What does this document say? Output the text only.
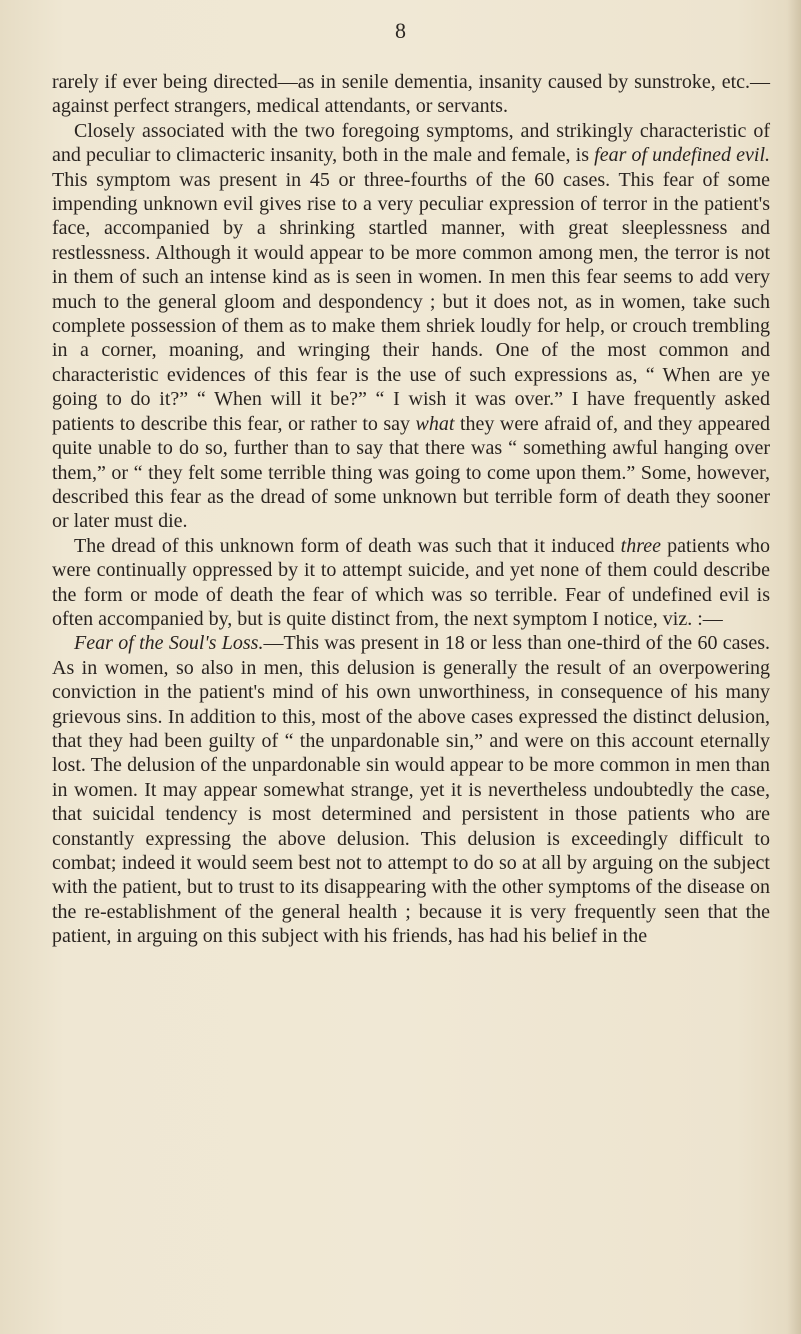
8

rarely if ever being directed—as in senile dementia, insanity caused by sunstroke, etc.—against perfect strangers, medical attendants, or servants.

Closely associated with the two foregoing symptoms, and strikingly characteristic of and peculiar to climacteric insanity, both in the male and female, is fear of undefined evil. This symptom was present in 45 or three-fourths of the 60 cases. This fear of some impending unknown evil gives rise to a very peculiar expression of terror in the patient's face, accompanied by a shrinking startled manner, with great sleeplessness and restlessness. Although it would appear to be more common among men, the terror is not in them of such an intense kind as is seen in women. In men this fear seems to add very much to the general gloom and despondency ; but it does not, as in women, take such complete possession of them as to make them shriek loudly for help, or crouch trembling in a corner, moaning, and wringing their hands. One of the most common and characteristic evidences of this fear is the use of such expressions as, “ When are ye going to do it?” “ When will it be?” “ I wish it was over.” I have frequently asked patients to describe this fear, or rather to say what they were afraid of, and they appeared quite unable to do so, further than to say that there was “ something awful hanging over them,” or “ they felt some terrible thing was going to come upon them.” Some, however, described this fear as the dread of some unknown but terrible form of death they sooner or later must die.

The dread of this unknown form of death was such that it induced three patients who were continually oppressed by it to attempt suicide, and yet none of them could describe the form or mode of death the fear of which was so terrible. Fear of undefined evil is often accompanied by, but is quite distinct from, the next symptom I notice, viz. :—

Fear of the Soul's Loss.—This was present in 18 or less than one-third of the 60 cases. As in women, so also in men, this delusion is generally the result of an overpowering conviction in the patient's mind of his own unworthiness, in consequence of his many grievous sins. In addition to this, most of the above cases expressed the distinct delusion, that they had been guilty of “ the unpardonable sin,” and were on this account eternally lost. The delusion of the unpardonable sin would appear to be more common in men than in women. It may appear somewhat strange, yet it is nevertheless undoubtedly the case, that suicidal tendency is most determined and persistent in those patients who are constantly expressing the above delusion. This delusion is exceedingly difficult to combat; indeed it would seem best not to attempt to do so at all by arguing on the subject with the patient, but to trust to its disappearing with the other symptoms of the disease on the re-establishment of the general health ; because it is very frequently seen that the patient, in arguing on this subject with his friends, has had his belief in the
